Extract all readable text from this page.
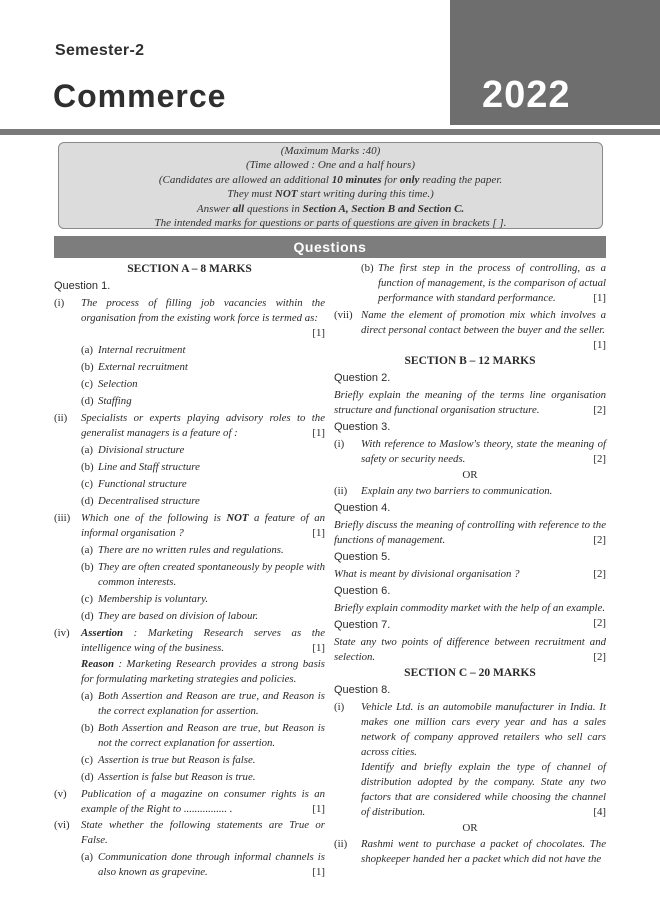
Semester-2
Commerce	2022
(Maximum Marks :40)
(Time allowed : One and a half hours)
(Candidates are allowed an additional 10 minutes for only reading the paper.
They must NOT start writing during this time.)
Answer all questions in Section A, Section B and Section C.
The intended marks for questions or parts of questions are given in brackets [ ].
Questions
SECTION A – 8 MARKS
Question 1.
(i)	The process of filling job vacancies within the organisation from the existing work force is termed as:
[1]
(a) Internal recruitment
(b) External recruitment
(c) Selection
(d) Staffing
(ii)	Specialists or experts playing advisory roles to the generalist managers is a feature of :	[1]
(a) Divisional structure
(b) Line and Staff structure
(c) Functional structure
(d) Decentralised structure
(iii) Which one of the following is NOT a feature of an informal organisation ?	[1]
(a) There are no written rules and regulations.
(b) They are often created spontaneously by people with common interests.
(c) Membership is voluntary.
(d) They are based on division of labour.
(iv)	Assertion : Marketing Research serves as the intelligence wing of the business.	[1]
Reason : Marketing Research provides a strong basis for formulating marketing strategies and policies.
(a) Both Assertion and Reason are true, and Reason is the correct explanation for assertion.
(b) Both Assertion and Reason are true, but Reason is not the correct explanation for assertion.
(c) Assertion is true but Reason is false.
(d) Assertion is false but Reason is true.
(v)	Publication of a magazine on consumer rights is an example of the Right to ................ .	[1]
(vi)	State whether the following statements are True or False.
(a) Communication done through informal channels is also known as grapevine.	[1]
(b) The first step in the process of controlling, as a function of management, is the comparison of actual performance with standard performance.	[1]
(vii) Name the element of promotion mix which involves a direct personal contact between the buyer and the seller.
[1]
SECTION B – 12 MARKS
Question 2.
Briefly explain the meaning of the terms line organisation structure and functional organisation structure.	[2]
Question 3.
(i)	With reference to Maslow's theory, state the meaning of safety or security needs.	[2]
OR
(ii)	Explain any two barriers to communication.
Question 4.
Briefly discuss the meaning of controlling with reference to the functions of management.	[2]
Question 5.
What is meant by divisional organisation ?	[2]
Question 6.
Briefly explain commodity market with the help of an example.
[2]
Question 7.
State any two points of difference between recruitment and selection.	[2]
SECTION C – 20 MARKS
Question 8.
(i)	Vehicle Ltd. is an automobile manufacturer in India. It makes one million cars every year and has a sales network of company approved retailers who sell cars across cities.
Identify and briefly explain the type of channel of distribution adopted by the company. State any two factors that are considered while choosing the channel of distribution.	[4]
OR
(ii)	Rashmi went to purchase a packet of chocolates. The shopkeeper handed her a packet which did not have the
